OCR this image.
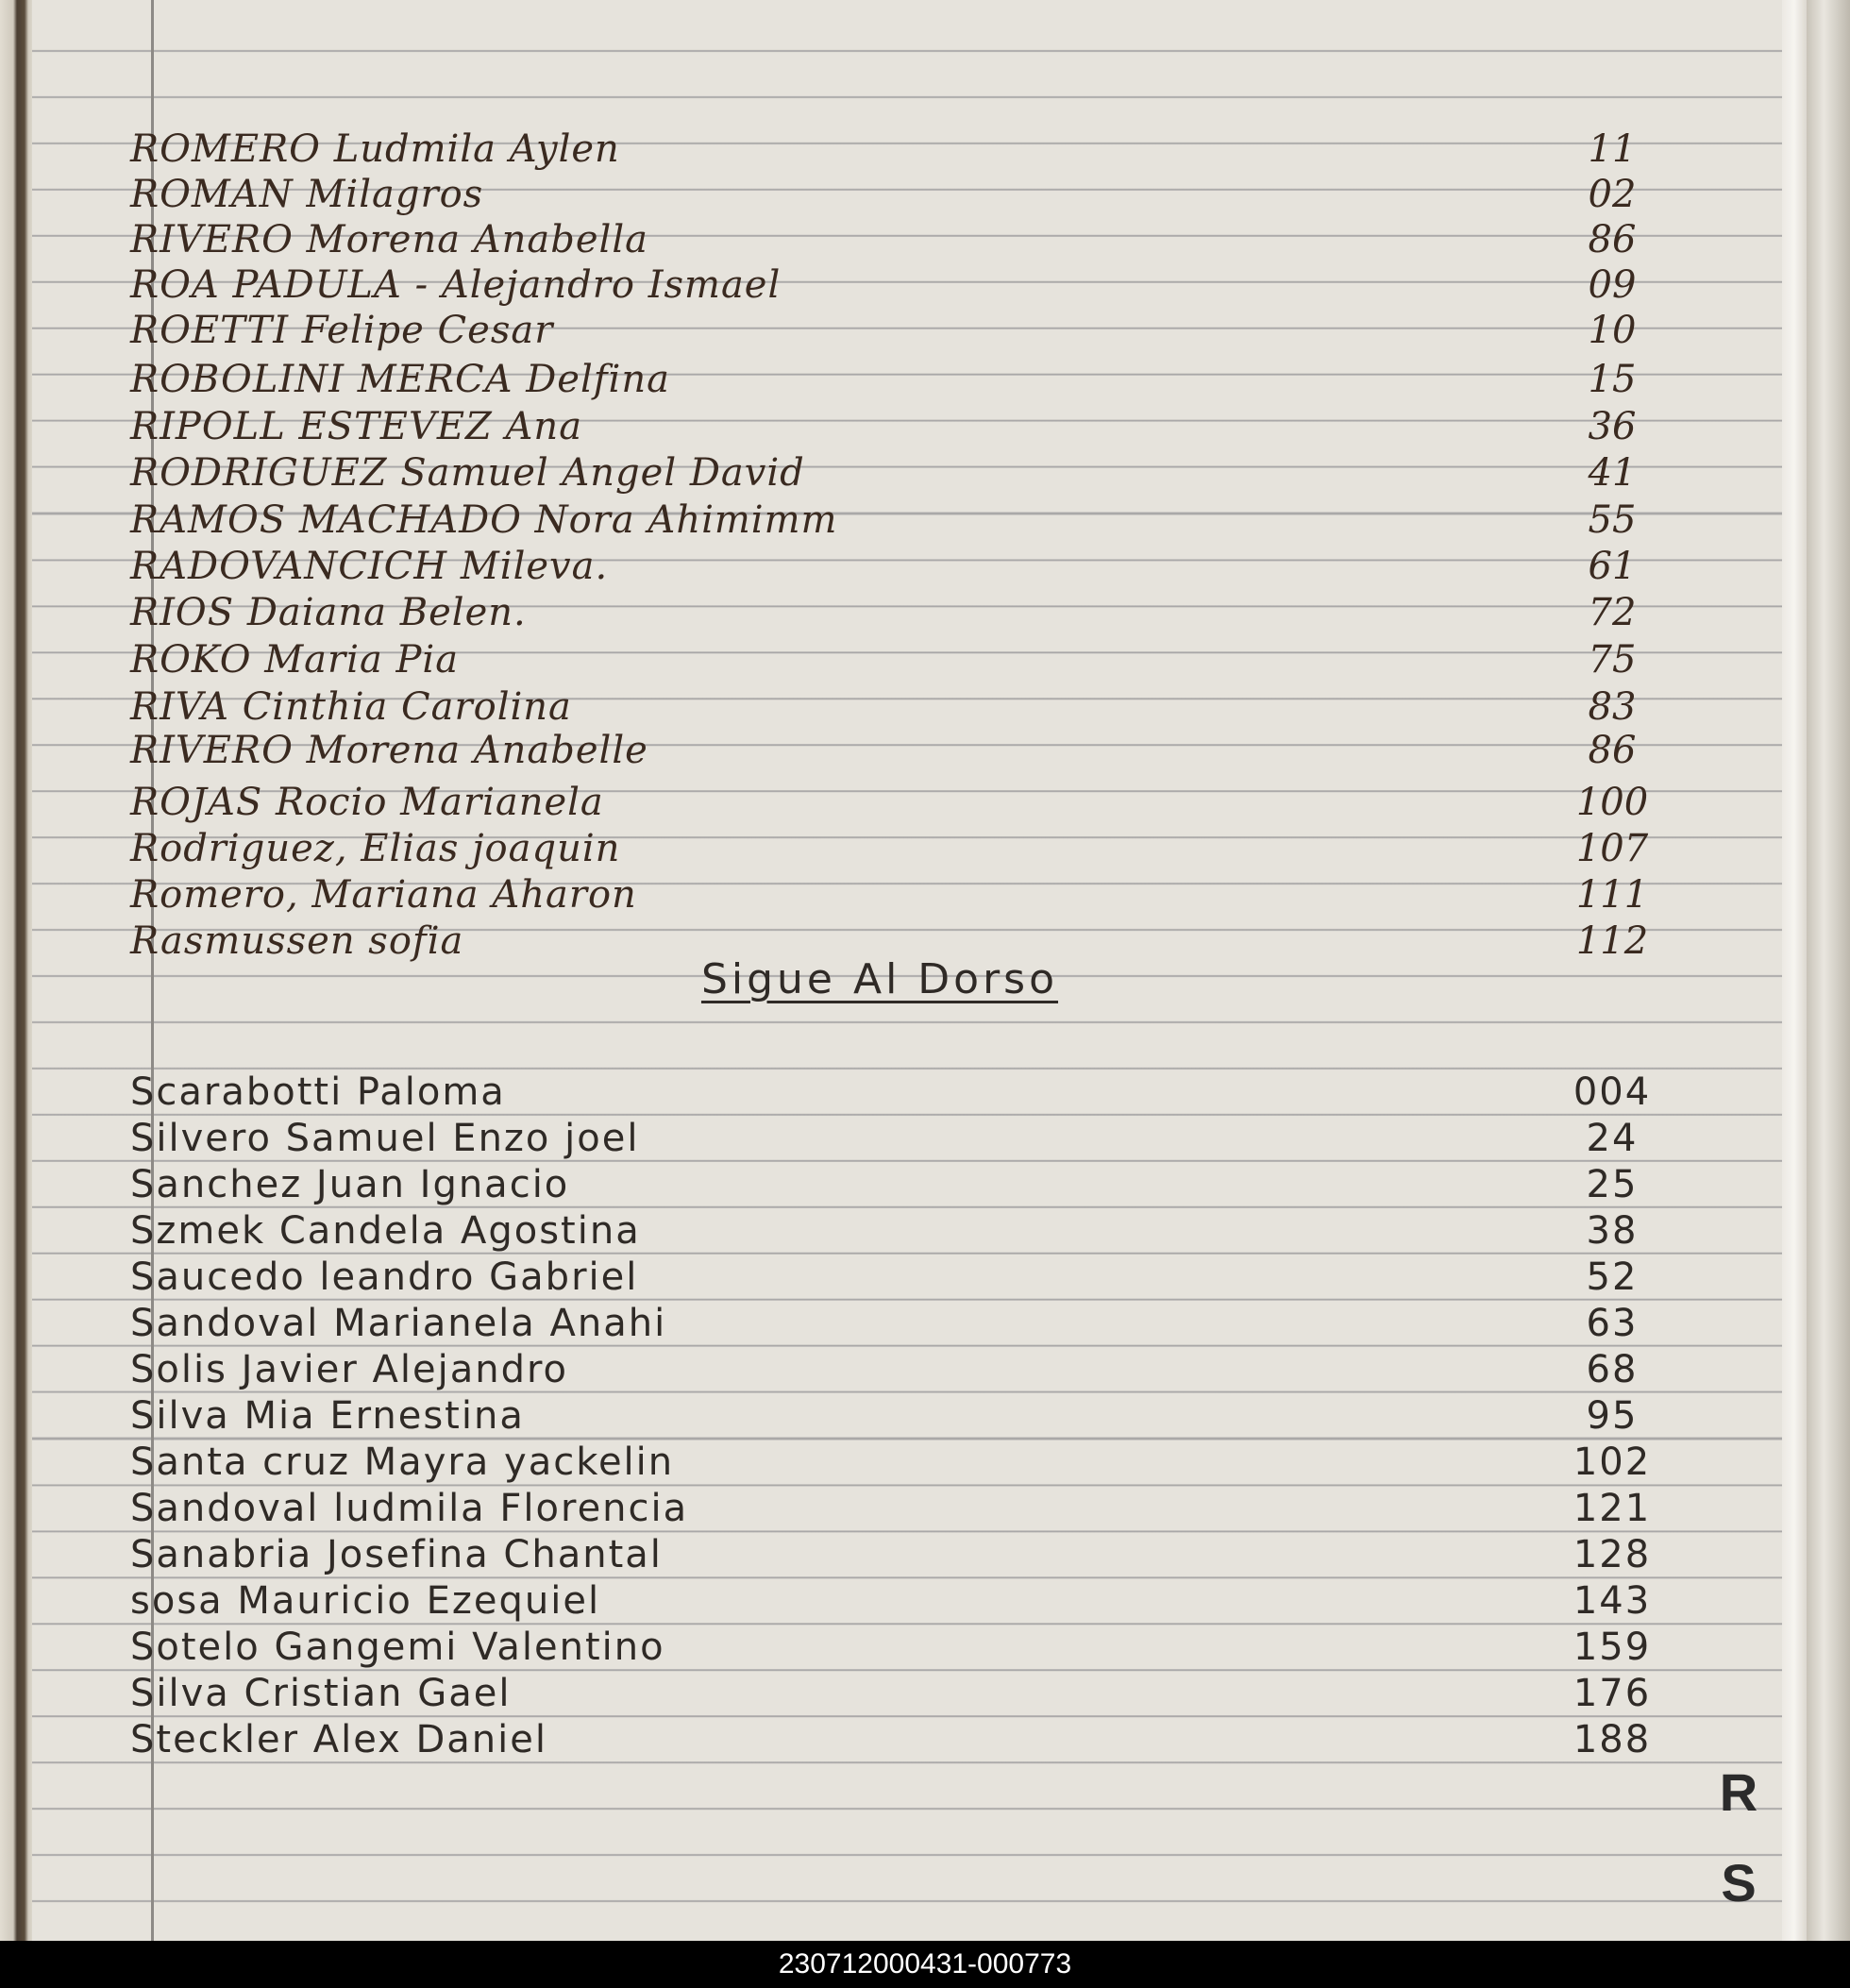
ROMERO Ludmila Aylen	11
ROMAN Milagros	02
RIVERO Morena Anabella	86
ROA PADULA - Alejandro Ismael	09
ROETTI Felipe Cesar	10
ROBOLINI MERCA Delfina	15
RIPOLL ESTEVEZ Ana	36
RODRIGUEZ Samuel Angel David	41
RAMOS MACHADO Nora Ahimimm	55
RADOVANCICH Mileva.	61
RIOS Daiana Belen.	72
ROKO Maria Pia	75
RIVA Cinthia Carolina	83
RIVERO Morena Anabelle	86
ROJAS Rocio Marianela	100
Rodriguez, Elias joaquin	107
Romero, Mariana Aharon	111
Rasmussen sofia	112
Scarabotti Paloma	004
Silvero Samuel Enzo joel	24
Sanchez Juan Ignacio	25
Szmek Candela Agostina	38
Saucedo leandro Gabriel	52
Sandoval Marianela Anahi	63
Solis Javier Alejandro	68
Silva Mia Ernestina	95
Santa cruz Mayra yackelin	102
Sandoval ludmila Florencia	121
Sanabria Josefina Chantal	128
sosa Mauricio Ezequiel	143
Sotelo Gangemi Valentino	159
Silva Cristian Gael	176
Steckler Alex Daniel	188
Sigue Al Dorso
R
S
230712000431-000773
